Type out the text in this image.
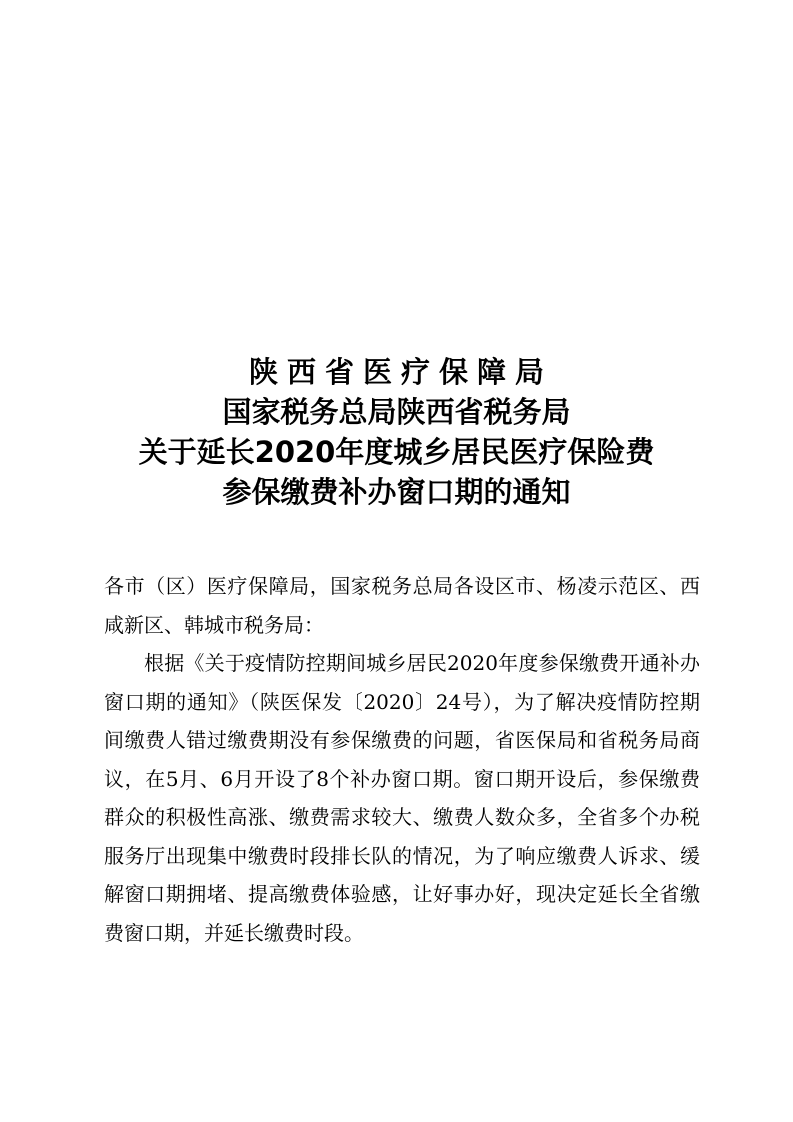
陕西省医疗保障局
国家税务总局陕西省税务局
关于延长2020年度城乡居民医疗保险费
参保缴费补办窗口期的通知

各市（区）医疗保障局，国家税务总局各设区市、杨凌示范区、西咸新区、韩城市税务局：

根据《关于疫情防控期间城乡居民2020年度参保缴费开通补办窗口期的通知》（陕医保发〔2020〕24号），为了解决疫情防控期间缴费人错过缴费期没有参保缴费的问题，省医保局和省税务局商议，在5月、6月开设了8个补办窗口期。窗口期开设后，参保缴费群众的积极性高涨、缴费需求较大、缴费人数众多，全省多个办税服务厅出现集中缴费时段排长队的情况，为了响应缴费人诉求、缓解窗口期拥堵、提高缴费体验感，让好事办好，现决定延长全省缴费窗口期，并延长缴费时段。
